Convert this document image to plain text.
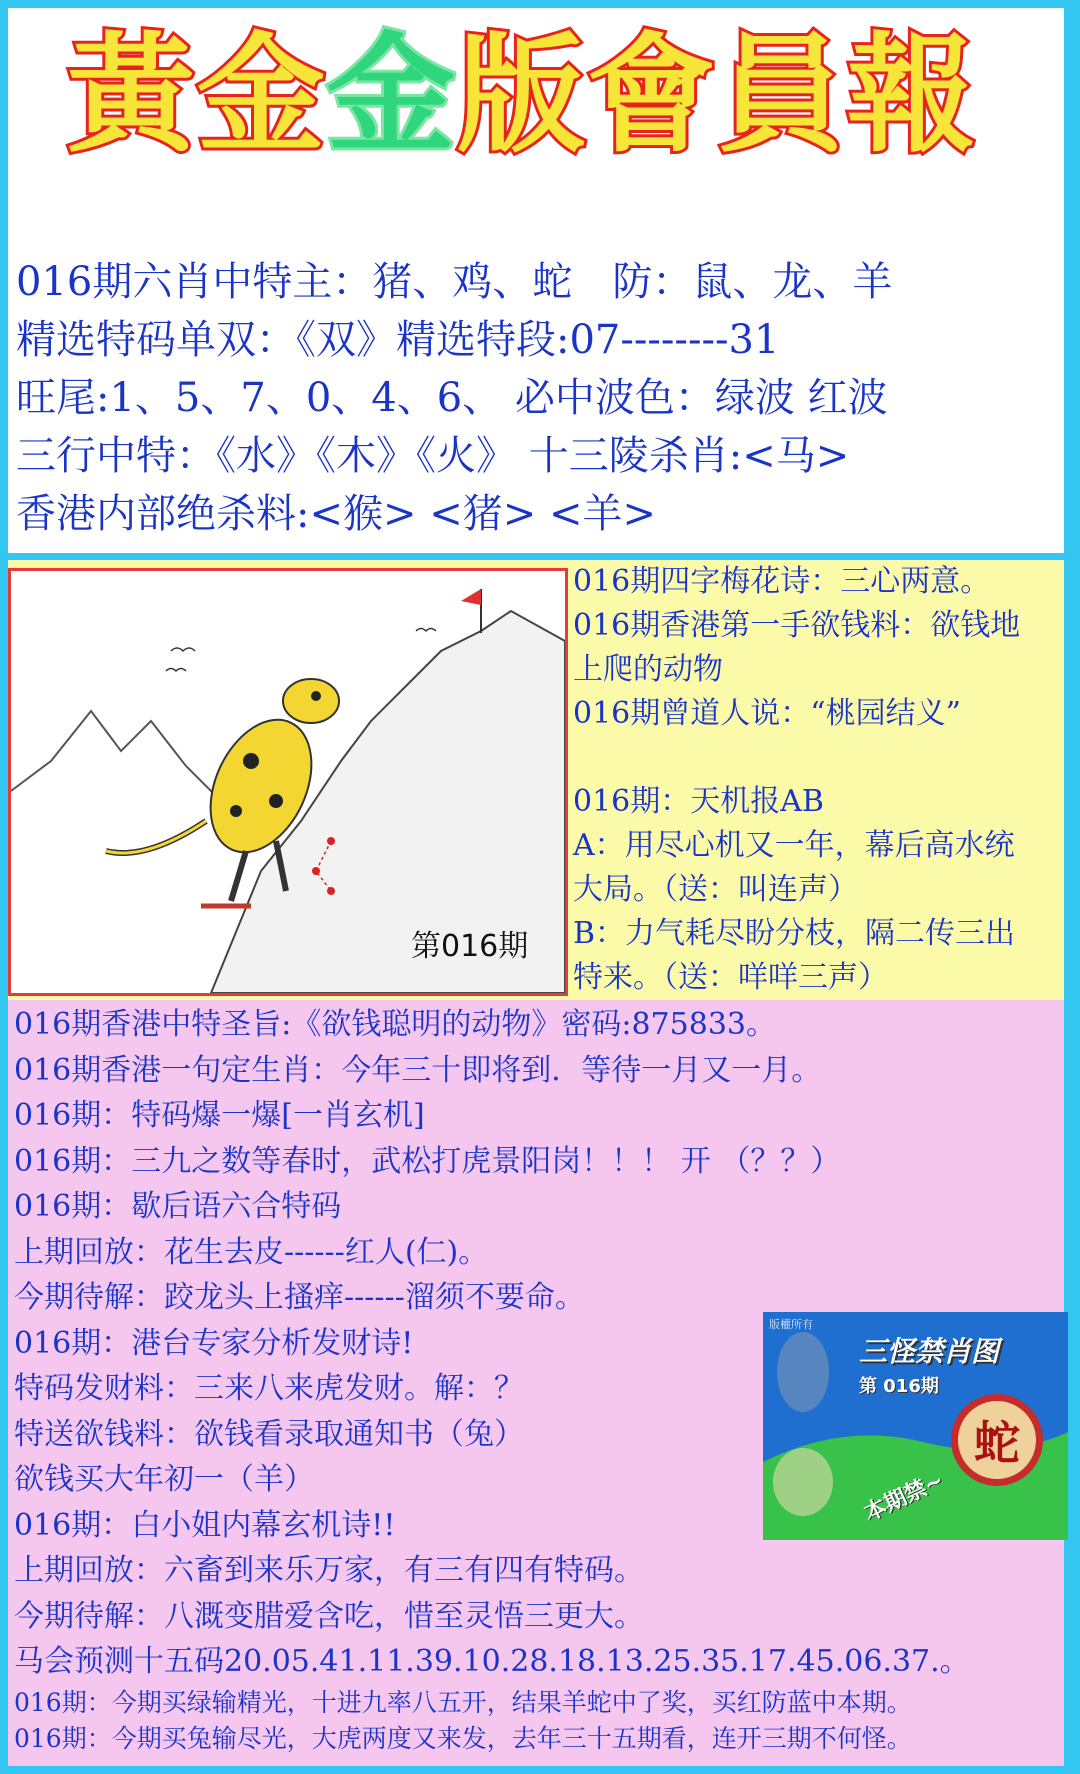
黃 金 金 版 會 員 報
016期六肖中特主：猪、鸡、蛇　防：鼠、龙、羊
精选特码单双：《双》精选特段:07--------31
旺尾:1、5、7、0、4、6、 必中波色：绿波 红波
三行中特：《水》《木》《火》 十三陵杀肖:<马>
香港内部绝杀料:<猴> <猪> <羊>
第016期
016期四字梅花诗：三心两意。
016期香港第一手欲钱料：欲钱地
上爬的动物
016期曾道人说：“桃园结义”
016期：天机报AB
A：用尽心机又一年，幕后高水统
大局。（送：叫连声）
B：力气耗尽盼分枝，隔二传三出
特来。（送：咩咩三声）
016期香港中特圣旨:《欲钱聪明的动物》密码:875833。
016期香港一句定生肖：今年三十即将到．等待一月又一月。
016期：特码爆一爆[一肖玄机]
016期：三九之数等春时，武松打虎景阳岗！！！ 开 （？？）
016期：歇后语六合特码
上期回放：花生去皮------红人(仁)。
今期待解：跤龙头上搔痒------溜须不要命。
016期：港台专家分析发财诗!
特码发财料：三来八来虎发财。解：？
特送欲钱料：欲钱看录取通知书（兔）
欲钱买大年初一（羊）
016期：白小姐内幕玄机诗!!
上期回放：六畜到来乐万家，有三有四有特码。
今期待解：八溉变腊爱含吃，惜至灵悟三更大。
马会预测十五码20.05.41.11.39.10.28.18.13.25.35.17.45.06.37.。
016期：今期买绿输精光，十进九率八五开，结果羊蛇中了奖，买红防蓝中本期。
016期：今期买兔输尽光，大虎两度又来发，去年三十五期看，连开三期不何怪。
版權所有
三怪禁肖图
第 016期
蛇
本期禁~
